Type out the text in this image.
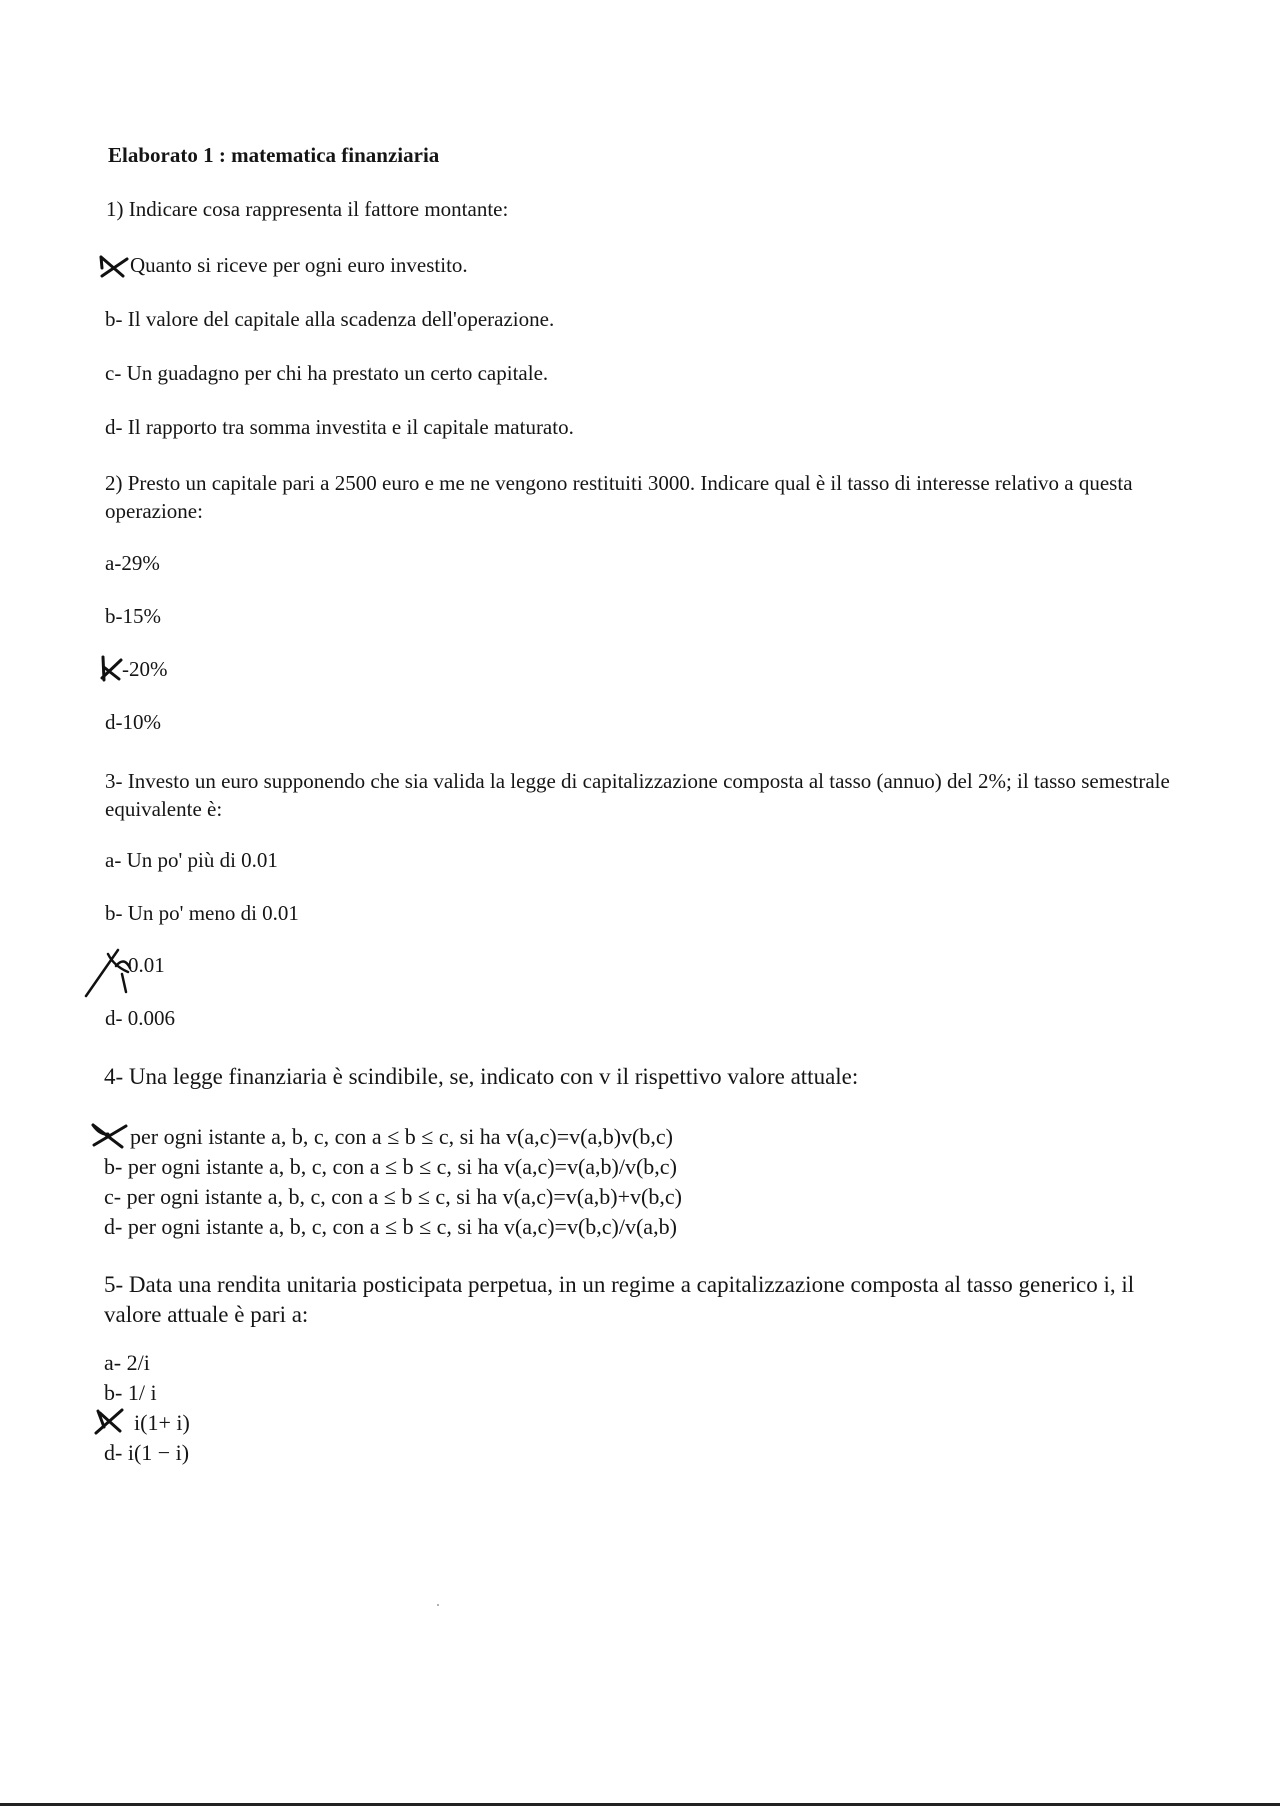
Elaborato 1 : matematica finanziaria
1) Indicare cosa rappresenta il fattore montante:
Quanto si riceve per ogni euro investito.
b- Il valore del capitale alla scadenza dell'operazione.
c- Un guadagno per chi ha prestato un certo capitale.
d- Il rapporto tra somma investita e il capitale maturato.
2) Presto un capitale pari a 2500 euro e me ne vengono restituiti 3000. Indicare qual è il tasso di interesse relativo a questa operazione:
a-29%
b-15%
-20%
d-10%
3- Investo un euro supponendo che sia valida la legge di capitalizzazione composta al tasso (annuo) del 2%; il tasso semestrale equivalente è:
a- Un po' più di 0.01
b- Un po' meno di 0.01
0.01
d- 0.006
4- Una legge finanziaria è scindibile, se, indicato con v il rispettivo valore attuale:
per ogni istante a, b, c, con a ≤ b ≤ c, si ha v(a,c)=v(a,b)v(b,c)
b- per ogni istante a, b, c, con a ≤ b ≤ c, si ha v(a,c)=v(a,b)/v(b,c)
c- per ogni istante a, b, c, con a ≤ b ≤ c, si ha v(a,c)=v(a,b)+v(b,c)
d- per ogni istante a, b, c, con a ≤ b ≤ c, si ha v(a,c)=v(b,c)/v(a,b)
5- Data una rendita unitaria posticipata perpetua, in un regime a capitalizzazione composta al tasso generico i, il valore attuale è pari a:
a- 2/i
b- 1/ i
i(1+ i)
d- i(1 − i)
